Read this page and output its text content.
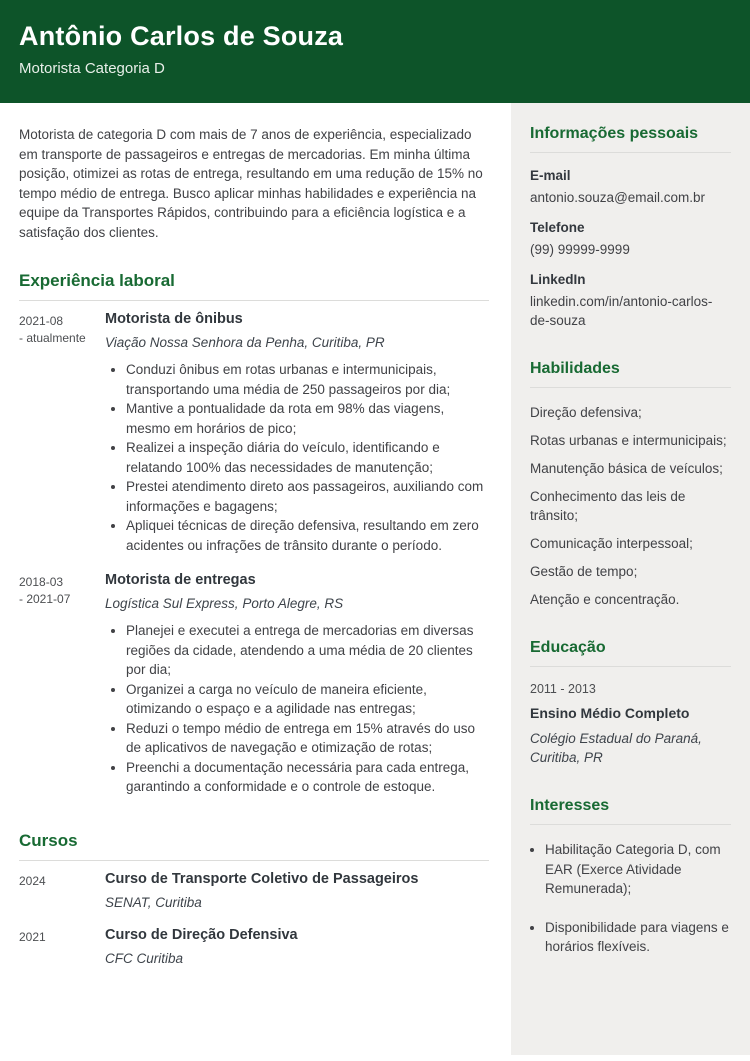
Antônio Carlos de Souza
Motorista Categoria D

Motorista de categoria D com mais de 7 anos de experiência, especializado em transporte de passageiros e entregas de mercadorias. Em minha última posição, otimizei as rotas de entrega, resultando em uma redução de 15% no tempo médio de entrega. Busco aplicar minhas habilidades e experiência na equipe da Transportes Rápidos, contribuindo para a eficiência logística e a satisfação dos clientes.

Experiência laboral
2021-08
- atualmente
Motorista de ônibus
Viação Nossa Senhora da Penha, Curitiba, PR
• Conduzi ônibus em rotas urbanas e intermunicipais, transportando uma média de 250 passageiros por dia;
• Mantive a pontualidade da rota em 98% das viagens, mesmo em horários de pico;
• Realizei a inspeção diária do veículo, identificando e relatando 100% das necessidades de manutenção;
• Prestei atendimento direto aos passageiros, auxiliando com informações e bagagens;
• Apliquei técnicas de direção defensiva, resultando em zero acidentes ou infrações de trânsito durante o período.
2018-03
- 2021-07
Motorista de entregas
Logística Sul Express, Porto Alegre, RS
• Planejei e executei a entrega de mercadorias em diversas regiões da cidade, atendendo a uma média de 20 clientes por dia;
• Organizei a carga no veículo de maneira eficiente, otimizando o espaço e a agilidade nas entregas;
• Reduzi o tempo médio de entrega em 15% através do uso de aplicativos de navegação e otimização de rotas;
• Preenchi a documentação necessária para cada entrega, garantindo a conformidade e o controle de estoque.
Cursos
2024	Curso de Transporte Coletivo de Passageiros
SENAT, Curitiba
2021	Curso de Direção Defensiva
CFC Curitiba
Informações pessoais
E-mail
antonio.souza@email.com.br
Telefone
(99) 99999-9999
LinkedIn
linkedin.com/in/antonio-carlos-de-souza
Habilidades

Direção defensiva;

Rotas urbanas e intermunicipais;

Manutenção básica de veículos;

Conhecimento das leis de trânsito;

Comunicação interpessoal;

Gestão de tempo;

Atenção e concentração.

Educação
2011 - 2013
Ensino Médio Completo
Colégio Estadual do Paraná, Curitiba, PR
Interesses
• Habilitação Categoria D, com EAR (Exerce Atividade Remunerada);
• Disponibilidade para viagens e horários flexíveis.
